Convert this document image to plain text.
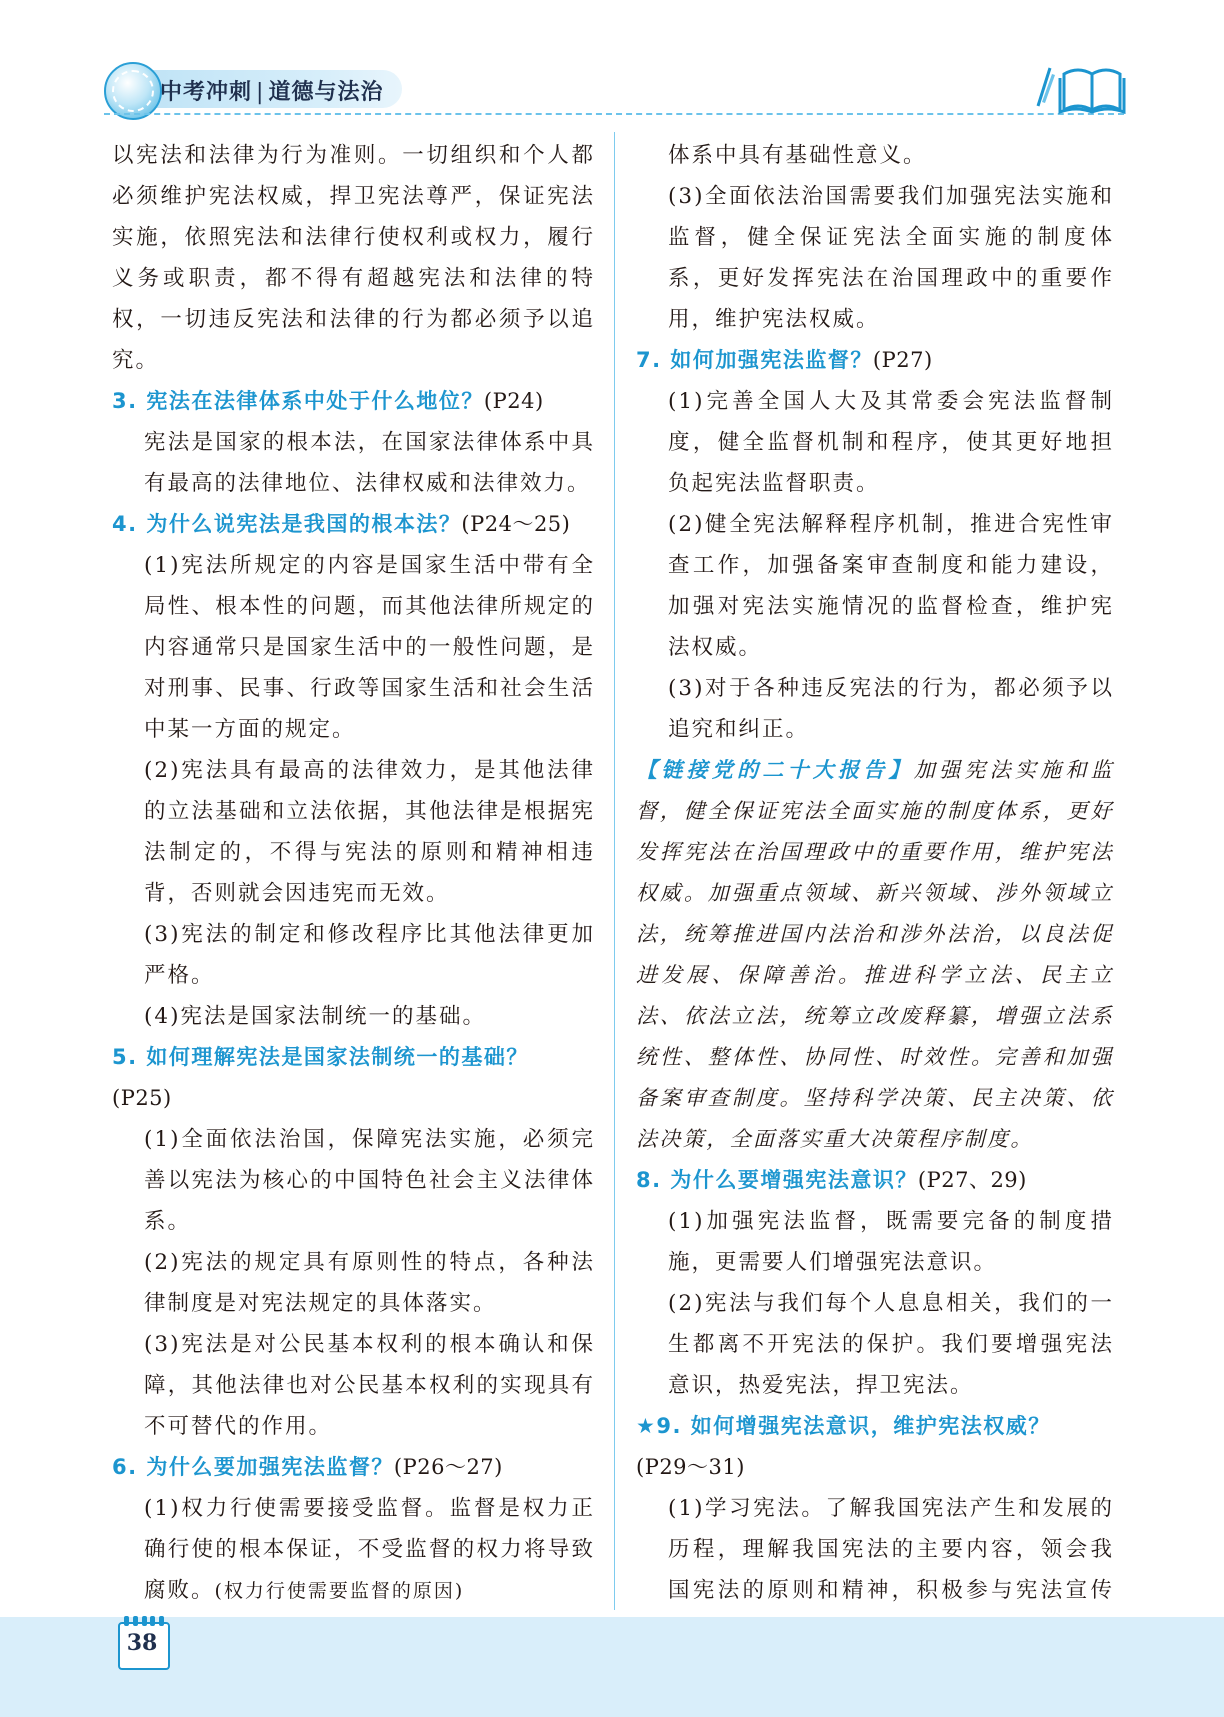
中考冲刺 | 道德与法治

以宪法和法律为行为准则。一切组织和个人都必须维护宪法权威，捍卫宪法尊严，保证宪法实施，依照宪法和法律行使权利或权力，履行义务或职责，都不得有超越宪法和法律的特权，一切违反宪法和法律的行为都必须予以追究。

3. 宪法在法律体系中处于什么地位？(P24)

宪法是国家的根本法，在国家法律体系中具有最高的法律地位、法律权威和法律效力。

4. 为什么说宪法是我国的根本法？(P24～25)

(1)宪法所规定的内容是国家生活中带有全局性、根本性的问题，而其他法律所规定的内容通常只是国家生活中的一般性问题，是对刑事、民事、行政等国家生活和社会生活中某一方面的规定。

(2)宪法具有最高的法律效力，是其他法律的立法基础和立法依据，其他法律是根据宪法制定的，不得与宪法的原则和精神相违背，否则就会因违宪而无效。

(3)宪法的制定和修改程序比其他法律更加严格。

(4)宪法是国家法制统一的基础。

5. 如何理解宪法是国家法制统一的基础？
(P25)

(1)全面依法治国，保障宪法实施，必须完善以宪法为核心的中国特色社会主义法律体系。

(2)宪法的规定具有原则性的特点，各种法律制度是对宪法规定的具体落实。

(3)宪法是对公民基本权利的根本确认和保障，其他法律也对公民基本权利的实现具有不可替代的作用。

6. 为什么要加强宪法监督？(P26～27)

(1)权力行使需要接受监督。监督是权力正确行使的根本保证，不受监督的权力将导致腐败。(权力行使需要监督的原因)

体系中具有基础性意义。

(3)全面依法治国需要我们加强宪法实施和监督，健全保证宪法全面实施的制度体系，更好发挥宪法在治国理政中的重要作用，维护宪法权威。

7. 如何加强宪法监督？(P27)

(1)完善全国人大及其常委会宪法监督制度，健全监督机制和程序，使其更好地担负起宪法监督职责。

(2)健全宪法解释程序机制，推进合宪性审查工作，加强备案审查制度和能力建设，加强对宪法实施情况的监督检查，维护宪法权威。

(3)对于各种违反宪法的行为，都必须予以追究和纠正。

【链接党的二十大报告】加强宪法实施和监督，健全保证宪法全面实施的制度体系，更好发挥宪法在治国理政中的重要作用，维护宪法权威。加强重点领域、新兴领域、涉外领域立法，统筹推进国内法治和涉外法治，以良法促进发展、保障善治。推进科学立法、民主立法、依法立法，统筹立改废释纂，增强立法系统性、整体性、协同性、时效性。完善和加强备案审查制度。坚持科学决策、民主决策、依法决策，全面落实重大决策程序制度。

8. 为什么要增强宪法意识？(P27、29)

(1)加强宪法监督，既需要完备的制度措施，更需要人们增强宪法意识。

(2)宪法与我们每个人息息相关，我们的一生都离不开宪法的保护。我们要增强宪法意识，热爱宪法，捍卫宪法。

★9. 如何增强宪法意识，维护宪法权威？
(P29～31)

(1)学习宪法。了解我国宪法产生和发展的历程，理解我国宪法的主要内容，领会我国宪法的原则和精神，积极参与宪法宣传

38
